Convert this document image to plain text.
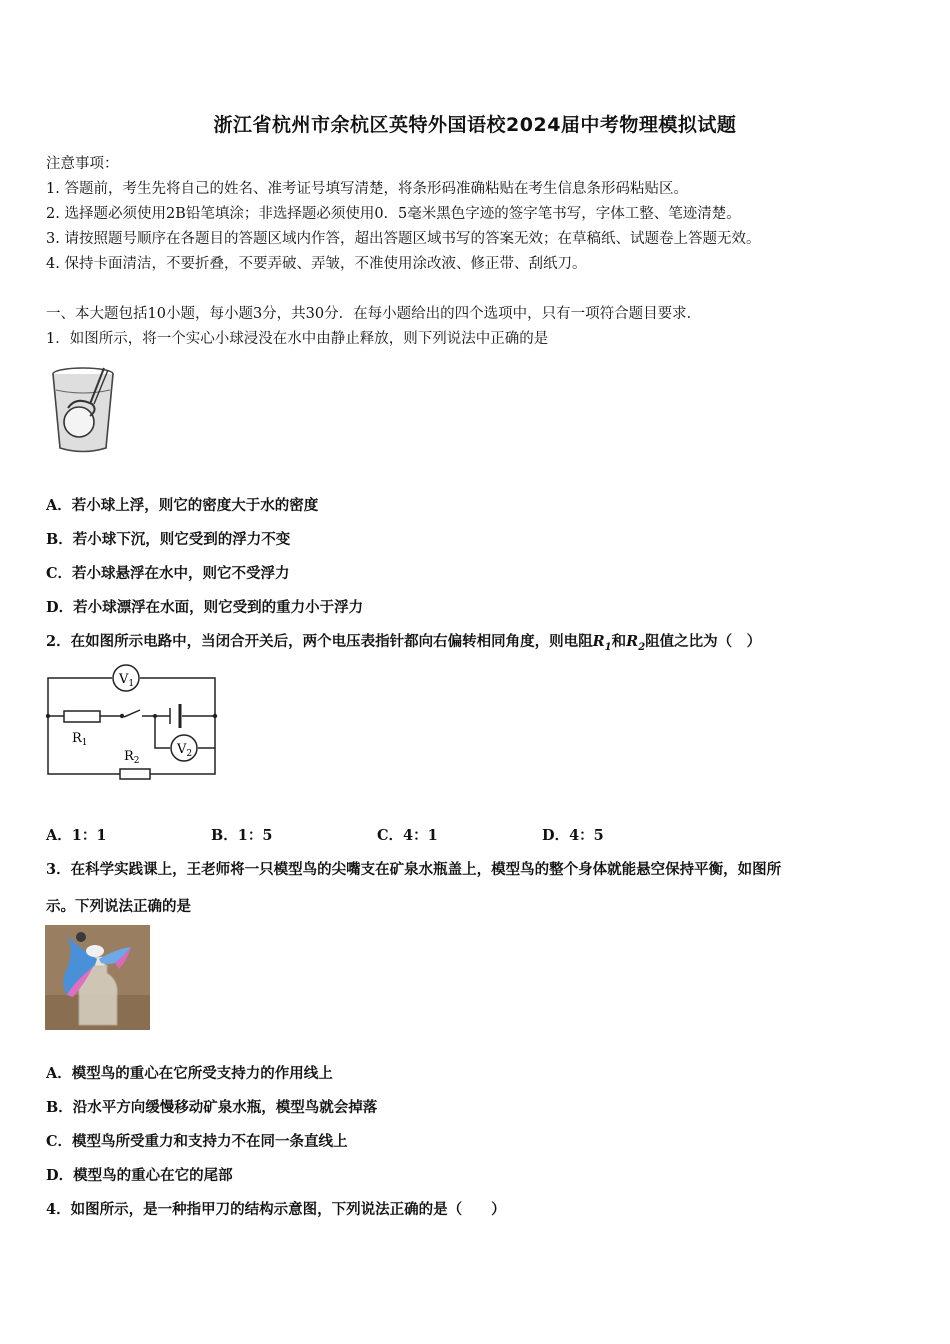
浙江省杭州市余杭区英特外国语校2024届中考物理模拟试题
注意事项：
1. 答题前，考生先将自己的姓名、准考证号填写清楚，将条形码准确粘贴在考生信息条形码粘贴区。
2. 选择题必须使用2B铅笔填涂；非选择题必须使用0．5毫米黑色字迹的签字笔书写，字体工整、笔迹清楚。
3. 请按照题号顺序在各题目的答题区域内作答，超出答题区域书写的答案无效；在草稿纸、试题卷上答题无效。
4. 保持卡面清洁，不要折叠，不要弄破、弄皱，不准使用涂改液、修正带、刮纸刀。
一、本大题包括10小题，每小题3分，共30分．在每小题给出的四个选项中，只有一项符合题目要求．
1．如图所示，将一个实心小球浸没在水中由静止释放，则下列说法中正确的是
A．若小球上浮，则它的密度大于水的密度
B．若小球下沉，则它受到的浮力不变
C．若小球悬浮在水中，则它不受浮力
D．若小球漂浮在水面，则它受到的重力小于浮力
2．在如图所示电路中，当闭合开关后，两个电压表指针都向右偏转相同角度，则电阻$R_1$和$R_2$阻值之比为（　）
$V_1$
$V_2$
$R_1$
$R_2$
A．1：1	B．1：5	C．4：1	D．4：5
3．在科学实践课上，王老师将一只模型鸟的尖嘴支在矿泉水瓶盖上，模型鸟的整个身体就能悬空保持平衡，如图所
示。下列说法正确的是
A．模型鸟的重心在它所受支持力的作用线上
B．沿水平方向缓慢移动矿泉水瓶，模型鸟就会掉落
C．模型鸟所受重力和支持力不在同一条直线上
D．模型鸟的重心在它的尾部
4．如图所示，是一种指甲刀的结构示意图，下列说法正确的是（　　）
